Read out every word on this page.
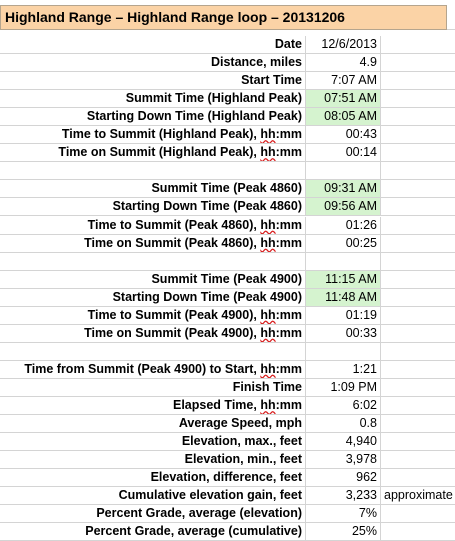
Highland Range – Highland Range loop – 20131206
Date	12/6/2013
Distance, miles	4.9
Start Time	7:07 AM
Summit Time (Highland Peak)	07:51 AM
Starting Down Time (Highland Peak)	08:05 AM
Time to Summit (Highland Peak), hh:mm	00:43
Time on Summit (Highland Peak), hh:mm	00:14
Summit Time (Peak 4860)	09:31 AM
Starting Down Time (Peak 4860)	09:56 AM
Time to Summit (Peak 4860), hh:mm	01:26
Time on Summit (Peak 4860), hh:mm	00:25
Summit Time (Peak 4900)	11:15 AM
Starting Down Time (Peak 4900)	11:48 AM
Time to Summit (Peak 4900), hh:mm	01:19
Time on Summit (Peak 4900), hh:mm	00:33
Time from Summit (Peak 4900) to Start, hh:mm	1:21
Finish Time	1:09 PM
Elapsed Time, hh:mm	6:02
Average Speed, mph	0.8
Elevation, max., feet	4,940
Elevation, min., feet	3,978
Elevation, difference, feet	962
Cumulative elevation gain, feet	3,233 approximate
Percent Grade, average (elevation)	7%
Percent Grade, average (cumulative)	25%
